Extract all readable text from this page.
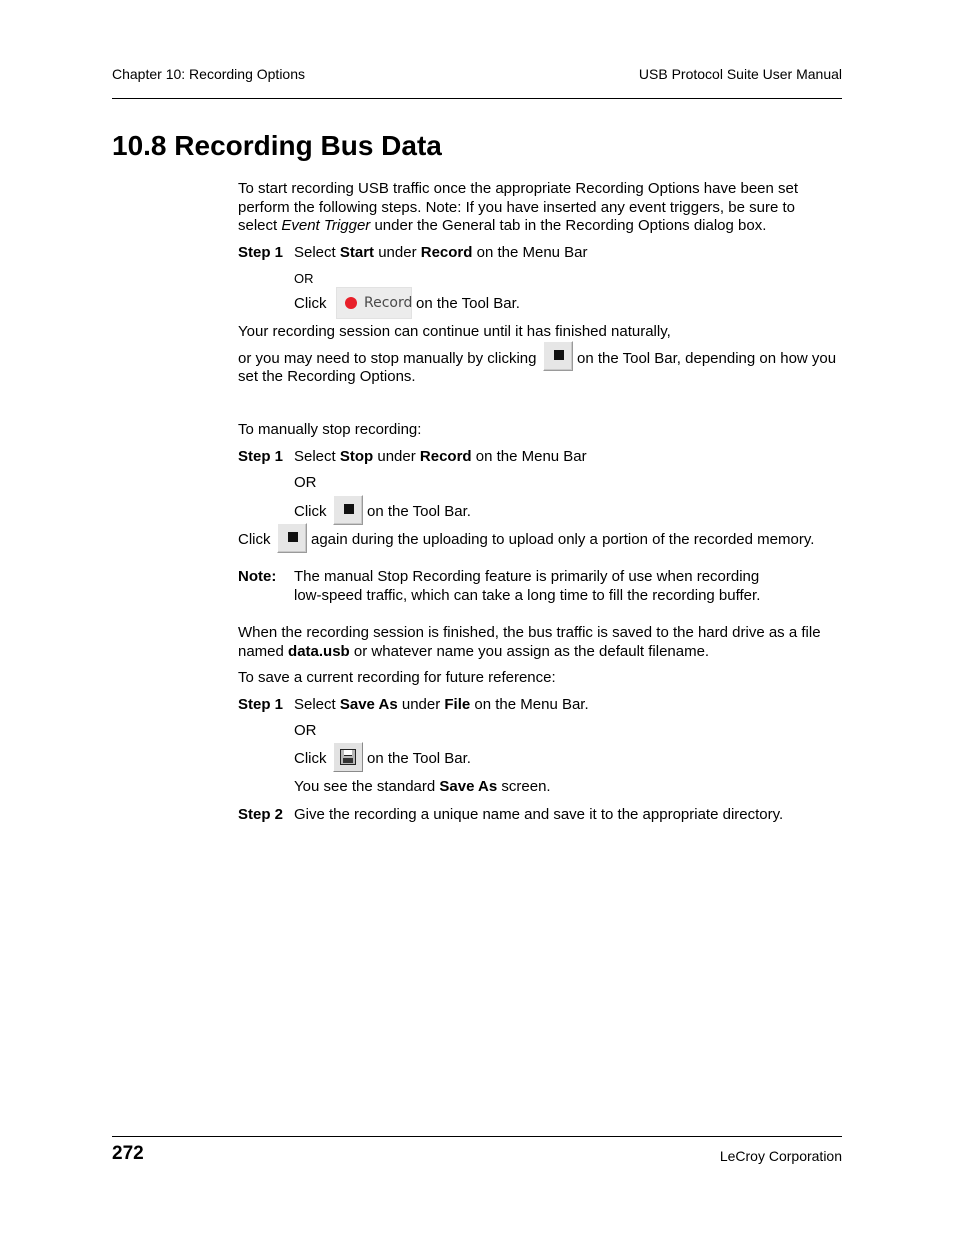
Chapter 10: Recording Options	USB Protocol Suite User Manual
10.8 Recording Bus Data
To start recording USB traffic once the appropriate Recording Options have been set
perform the following steps. Note: If you have inserted any event triggers, be sure to
select Event Trigger under the General tab in the Recording Options dialog box.
Step 1 Select Start under Record on the Menu Bar
OR
Click	Record on the Tool Bar.
Your recording session can continue until it has finished naturally,
or you may need to stop manually by clicking	on the Tool Bar, depending on how you
set the Recording Options.
To manually stop recording:
Step 1 Select Stop under Record on the Menu Bar
OR
Click	on the Tool Bar.
Click	again during the uploading to upload only a portion of the recorded memory.
Note: The manual Stop Recording feature is primarily of use when recording
low-speed traffic, which can take a long time to fill the recording buffer.
When the recording session is finished, the bus traffic is saved to the hard drive as a file
named data.usb or whatever name you assign as the default filename.
To save a current recording for future reference:
Step 1 Select Save As under File on the Menu Bar.
OR
Click	on the Tool Bar.
You see the standard Save As screen.
Step 2 Give the recording a unique name and save it to the appropriate directory.
272	LeCroy Corporation
